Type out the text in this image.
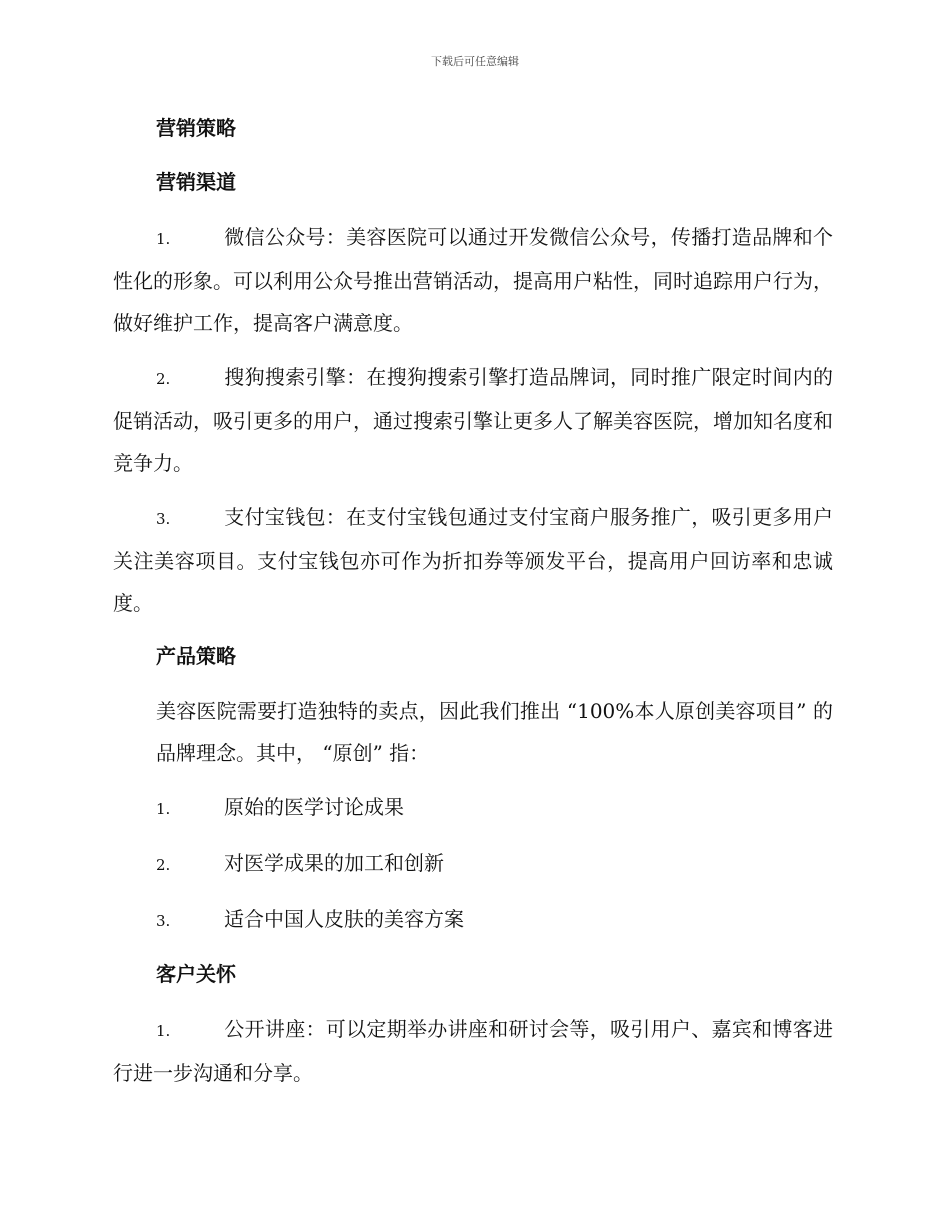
下载后可任意编辑
营销策略
营销渠道

1.	微信公众号：美容医院可以通过开发微信公众号，传播打造品牌和个性化的形象。可以利用公众号推出营销活动，提高用户粘性，同时追踪用户行为，做好维护工作，提高客户满意度。

2.	搜狗搜索引擎：在搜狗搜索引擎打造品牌词，同时推广限定时间内的促销活动，吸引更多的用户，通过搜索引擎让更多人了解美容医院，增加知名度和竞争力。

3.	支付宝钱包：在支付宝钱包通过支付宝商户服务推广，吸引更多用户关注美容项目。支付宝钱包亦可作为折扣券等颁发平台，提高用户回访率和忠诚度。

产品策略

美容医院需要打造独特的卖点，因此我们推出 “100%本人原创美容项目” 的品牌理念。其中， “原创” 指：

1.	原始的医学讨论成果

2.	对医学成果的加工和创新

3.	适合中国人皮肤的美容方案

客户关怀

1.	公开讲座：可以定期举办讲座和研讨会等，吸引用户、嘉宾和博客进行进一步沟通和分享。
